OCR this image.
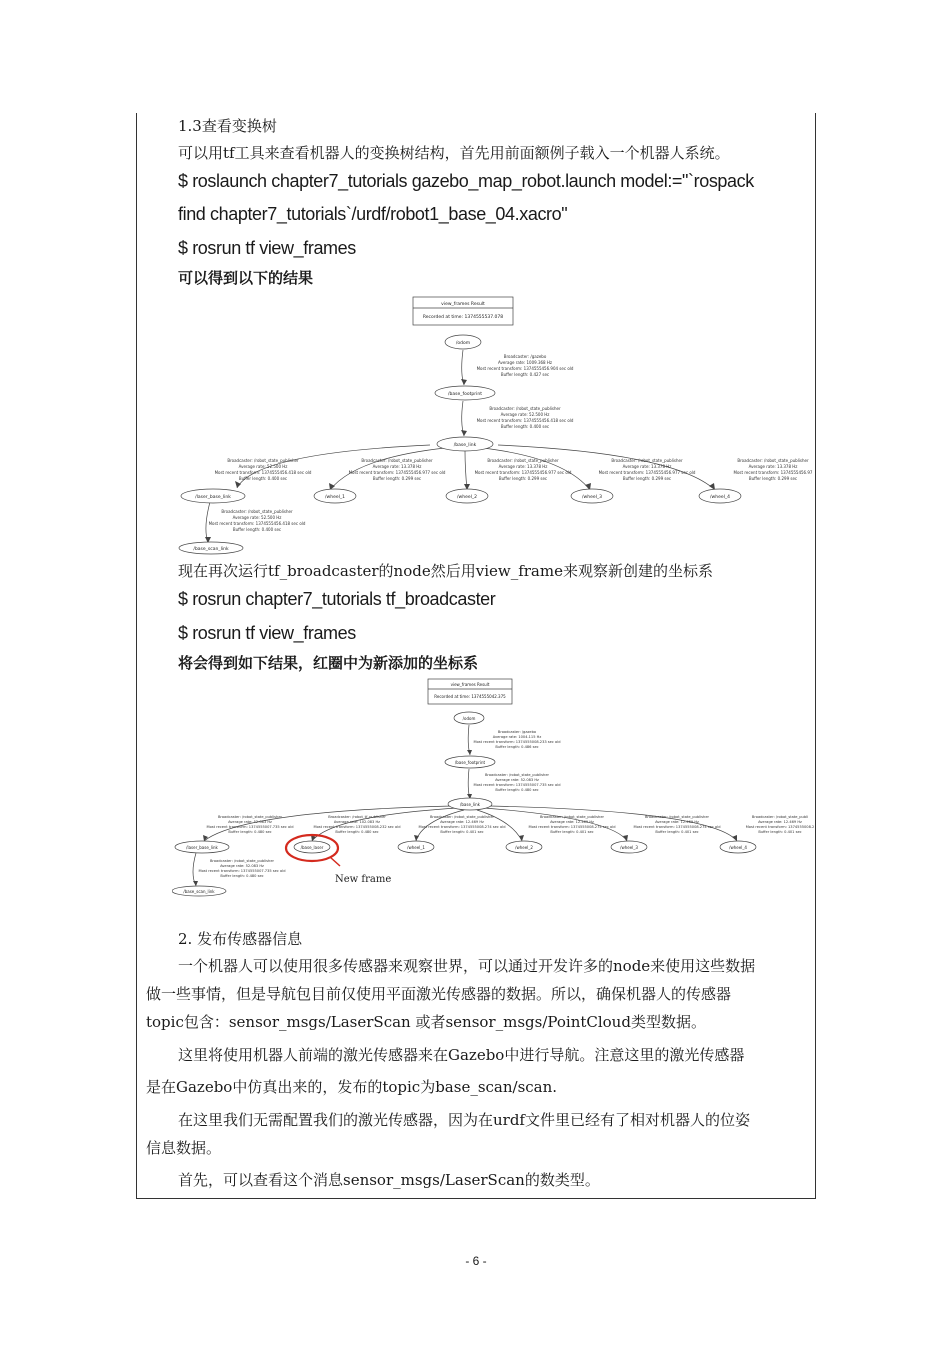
1.3查看变换树
可以用tf工具来查看机器人的变换树结构，首先用前面额例子载入一个机器人系统。
$ roslaunch chapter7_tutorials gazebo_map_robot.launch model:="`rospack
find chapter7_tutorials`/urdf/robot1_base_04.xacro"
$ rosrun tf view_frames
可以得到以下的结果
view_frames Result
Recorded at time: 1374555537.078
/odom
/base_footprint
/base_link
/laser_base_link	/wheel_1	/wheel_2	/wheel_3	/wheel_4
/base_scan_link
Broadcaster: /gazebo
Average rate: 1009.368 Hz
Most recent transform: 1374555456.904 sec old
Buffer length: 0.427 sec
Broadcaster: /robot_state_publisher
Average rate: 52.500 Hz
Most recent transform: 1374555456.418 sec old
Buffer length: 0.400 sec
Broadcaster: /robot_state_publisher
Average rate: 52.500 Hz
Most recent transform: 1374555456.418 sec old
Buffer length: 0.400 sec
Broadcaster: /robot_state_publisher
Average rate: 13.378 Hz
Most recent transform: 1374555456.977 sec old
Buffer length: 0.299 sec
Broadcaster: /robot_state_publisher
Average rate: 13.378 Hz
Most recent transform: 1374555456.977 sec old
Buffer length: 0.299 sec
Broadcaster: /robot_state_publisher
Average rate: 13.378 Hz
Most recent transform: 1374555456.977 sec old
Buffer length: 0.299 sec
Broadcaster: /robot_state_publisher
Average rate: 13.378 Hz
Most recent transform: 1374555456.97
Buffer length: 0.299 sec
Broadcaster: /robot_state_publisher
Average rate: 52.500 Hz
Most recent transform: 1374555456.418 sec old
Buffer length: 0.400 sec
现在再次运行tf_broadcaster的node然后用view_frame来观察新创建的坐标系
$ rosrun chapter7_tutorials tf_broadcaster
$ rosrun tf view_frames
将会得到如下结果，红圈中为新添加的坐标系
view_frames Result
Recorded at time: 1374555042.375
/odom
/base_footprint
/base_link
/laser_base_link	/base_laser	/wheel_1	/wheel_2	/wheel_3	/wheel_4
/base_scan_link
Broadcaster: /gazebo
Average rate: 1004.115 Hz
Most recent transform: 1374555008.233 sec old
Buffer length: 0.486 sec
Broadcaster: /robot_state_publisher
Average rate: 52.083 Hz
Most recent transform: 1374555007.735 sec old
Buffer length: 0.480 sec
Broadcaster: /robot_state_publisher
Average rate: 52.083 Hz
Most recent transform: 1374555007.735 sec old
Buffer length: 0.480 sec
Broadcaster: /robot_tf_publisher
Average rate: 102.083 Hz
Most recent transform: 1374555008.232 sec old
Buffer length: 0.480 sec
Broadcaster: /robot_state_publisher
Average rate: 12.469 Hz
Most recent transform: 1374555008.274 sec old
Buffer length: 0.401 sec
Broadcaster: /robot_state_publisher
Average rate: 12.469 Hz
Most recent transform: 1374555008.274 sec old
Buffer length: 0.401 sec
Broadcaster: /robot_state_publisher
Average rate: 12.469 Hz
Most recent transform: 1374555008.274 sec old
Buffer length: 0.401 sec
Broadcaster: /robot_state_publi
Average rate: 12.469 Hz
Most recent transform: 1374555008.2
Buffer length: 0.401 sec
Broadcaster: /robot_state_publisher
Average rate: 52.083 Hz
Most recent transform: 1374555007.735 sec old
Buffer length: 0.480 sec	New frame
2. 发布传感器信息
一个机器人可以使用很多传感器来观察世界，可以通过开发许多的node来使用这些数据
做一些事情，但是导航包目前仅使用平面激光传感器的数据。所以，确保机器人的传感器
topic包含：sensor_msgs/LaserScan 或者sensor_msgs/PointCloud类型数据。
这里将使用机器人前端的激光传感器来在Gazebo中进行导航。注意这里的激光传感器
是在Gazebo中仿真出来的，发布的topic为base_scan/scan.
在这里我们无需配置我们的激光传感器，因为在urdf文件里已经有了相对机器人的位姿
信息数据。
首先，可以查看这个消息sensor_msgs/LaserScan的数类型。
- 6 -
